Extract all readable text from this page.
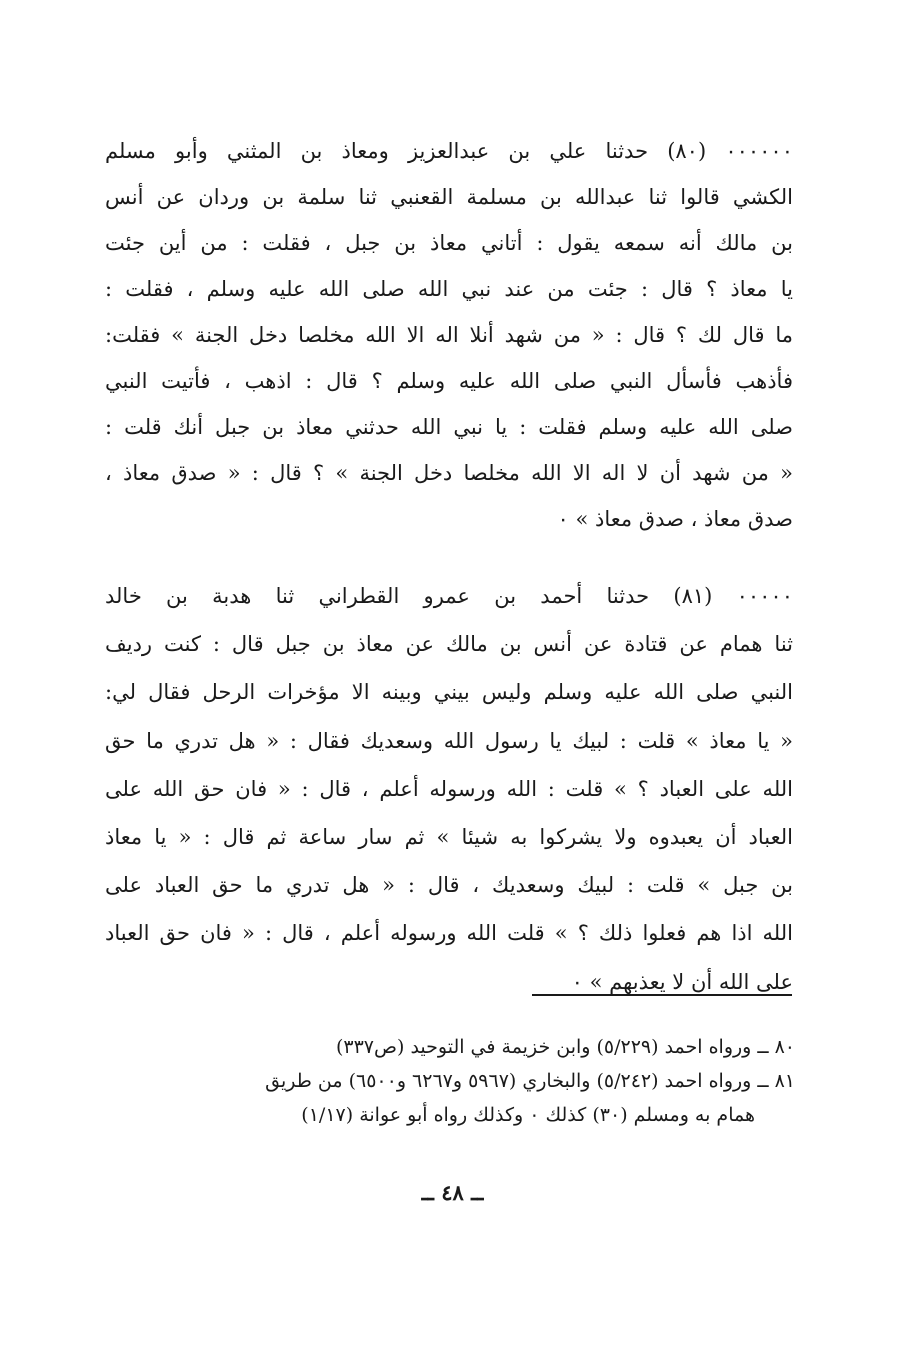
٠٠٠٠٠٠ (٨٠) حدثنا علي بن عبدالعزيز ومعاذ بن المثني وأبو مسلم
الكشي قالوا ثنا عبدالله بن مسلمة القعنبي ثنا سلمة بن وردان عن أنس
بن مالك أنه سمعه يقول : أتاني معاذ بن جبل ، فقلت : من أين جئت
يا معاذ ؟ قال : جئت من عند نبي الله صلى الله عليه وسلم ، فقلت :
ما قال لك ؟ قال : « من شهد أنلا اله الا الله مخلصا دخل الجنة » فقلت:
فأذهب فأسأل النبي صلى الله عليه وسلم ؟ قال : اذهب ، فأتيت النبي
صلى الله عليه وسلم فقلت : يا نبي الله حدثني معاذ بن جبل أنك قلت :
« من شهد أن لا اله الا الله مخلصا دخل الجنة » ؟ قال : « صدق معاذ ،
صدق معاذ ، صدق معاذ » ٠
٠٠٠٠٠ (٨١) حدثنا أحمد بن عمرو القطراني ثنا هدبة بن خالد
ثنا همام عن قتادة عن أنس بن مالك عن معاذ بن جبل قال : كنت رديف
النبي صلى الله عليه وسلم وليس بيني وبينه الا مؤخرات الرحل فقال لي:
« يا معاذ » قلت : لبيك يا رسول الله وسعديك فقال : « هل تدري ما حق
الله على العباد ؟ » قلت : الله ورسوله أعلم ، قال : « فان حق الله على
العباد أن يعبدوه ولا يشركوا به شيئا » ثم سار ساعة ثم قال : « يا معاذ
بن جبل » قلت : لبيك وسعديك ، قال : « هل تدري ما حق العباد على
الله اذا هم فعلوا ذلك ؟ » قلت الله ورسوله أعلم ، قال : « فان حق العباد
على الله أن لا يعذبهم » ٠
٨٠ ــ ورواه احمد (٥/٢٢٩) وابن خزيمة في التوحيد (ص٣٣٧)
٨١ ــ ورواه احمد (٥/٢٤٢) والبخاري (٥٩٦٧ و٦٢٦٧ و٦٥٠٠) من طريق
همام به ومسلم (٣٠) كذلك ٠ وكذلك رواه أبو عوانة (١/١٧)
ــ ٤٨ ــ
